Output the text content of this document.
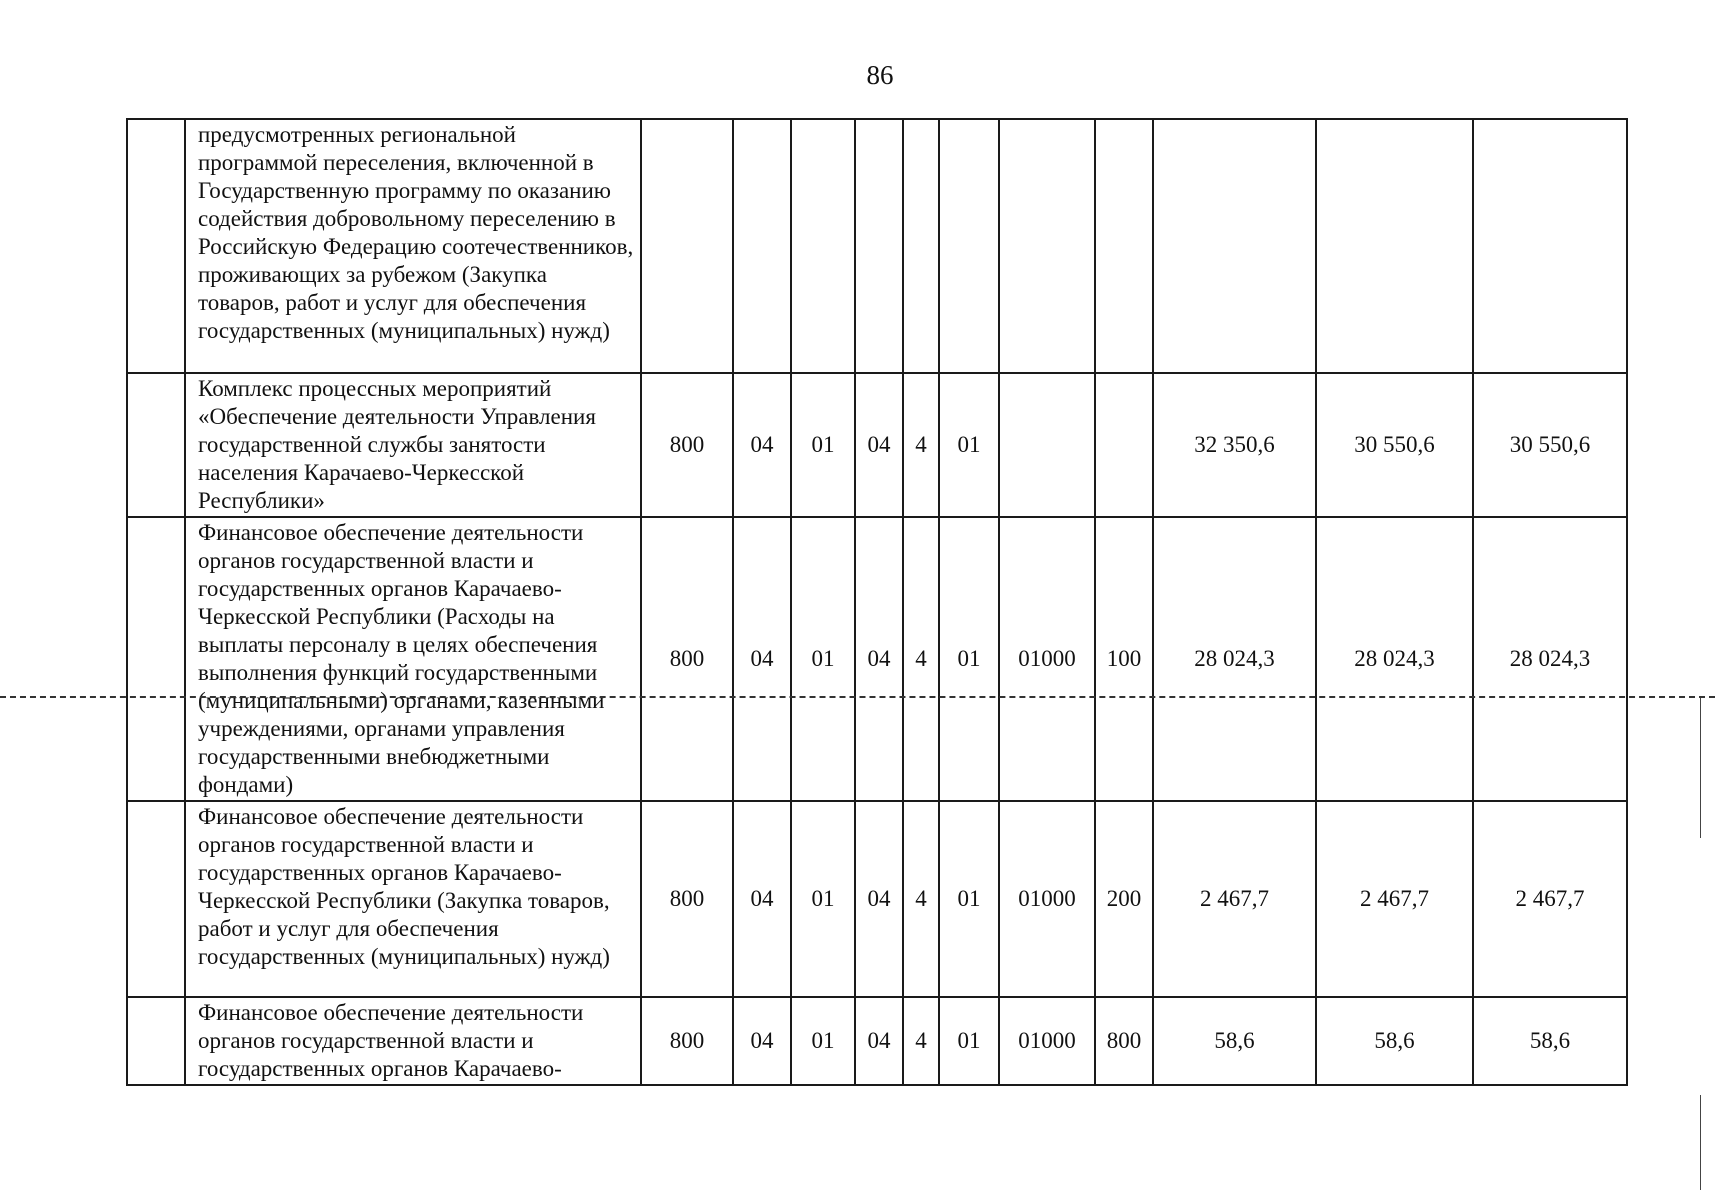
86
	предусмотренных региональной программой переселения, включенной в Государственную программу по оказанию содействия добровольному переселению в Российскую Федерацию соотечественников, проживающих за рубежом (Закупка товаров, работ и услуг для обеспечения государственных (муниципальных) нужд)											
	Комплекс процессных мероприятий «Обеспечение деятельности Управления государственной службы занятости населения Карачаево-Черкесской Республики»	800	04	01	04	4	01			32 350,6	30 550,6	30 550,6
	Финансовое обеспечение деятельности органов государственной власти и государственных органов Карачаево-Черкесской Республики (Расходы на выплаты персоналу в целях обеспечения выполнения функций государственными (муниципальными) органами, казенными учреждениями, органами управления государственными внебюджетными фондами)	800	04	01	04	4	01	01000	100	28 024,3	28 024,3	28 024,3
	Финансовое обеспечение деятельности органов государственной власти и государственных органов Карачаево-Черкесской Республики (Закупка товаров, работ и услуг для обеспечения государственных (муниципальных) нужд)	800	04	01	04	4	01	01000	200	2 467,7	2 467,7	2 467,7
	Финансовое обеспечение деятельности органов государственной власти и государственных органов Карачаево-	800	04	01	04	4	01	01000	800	58,6	58,6	58,6
